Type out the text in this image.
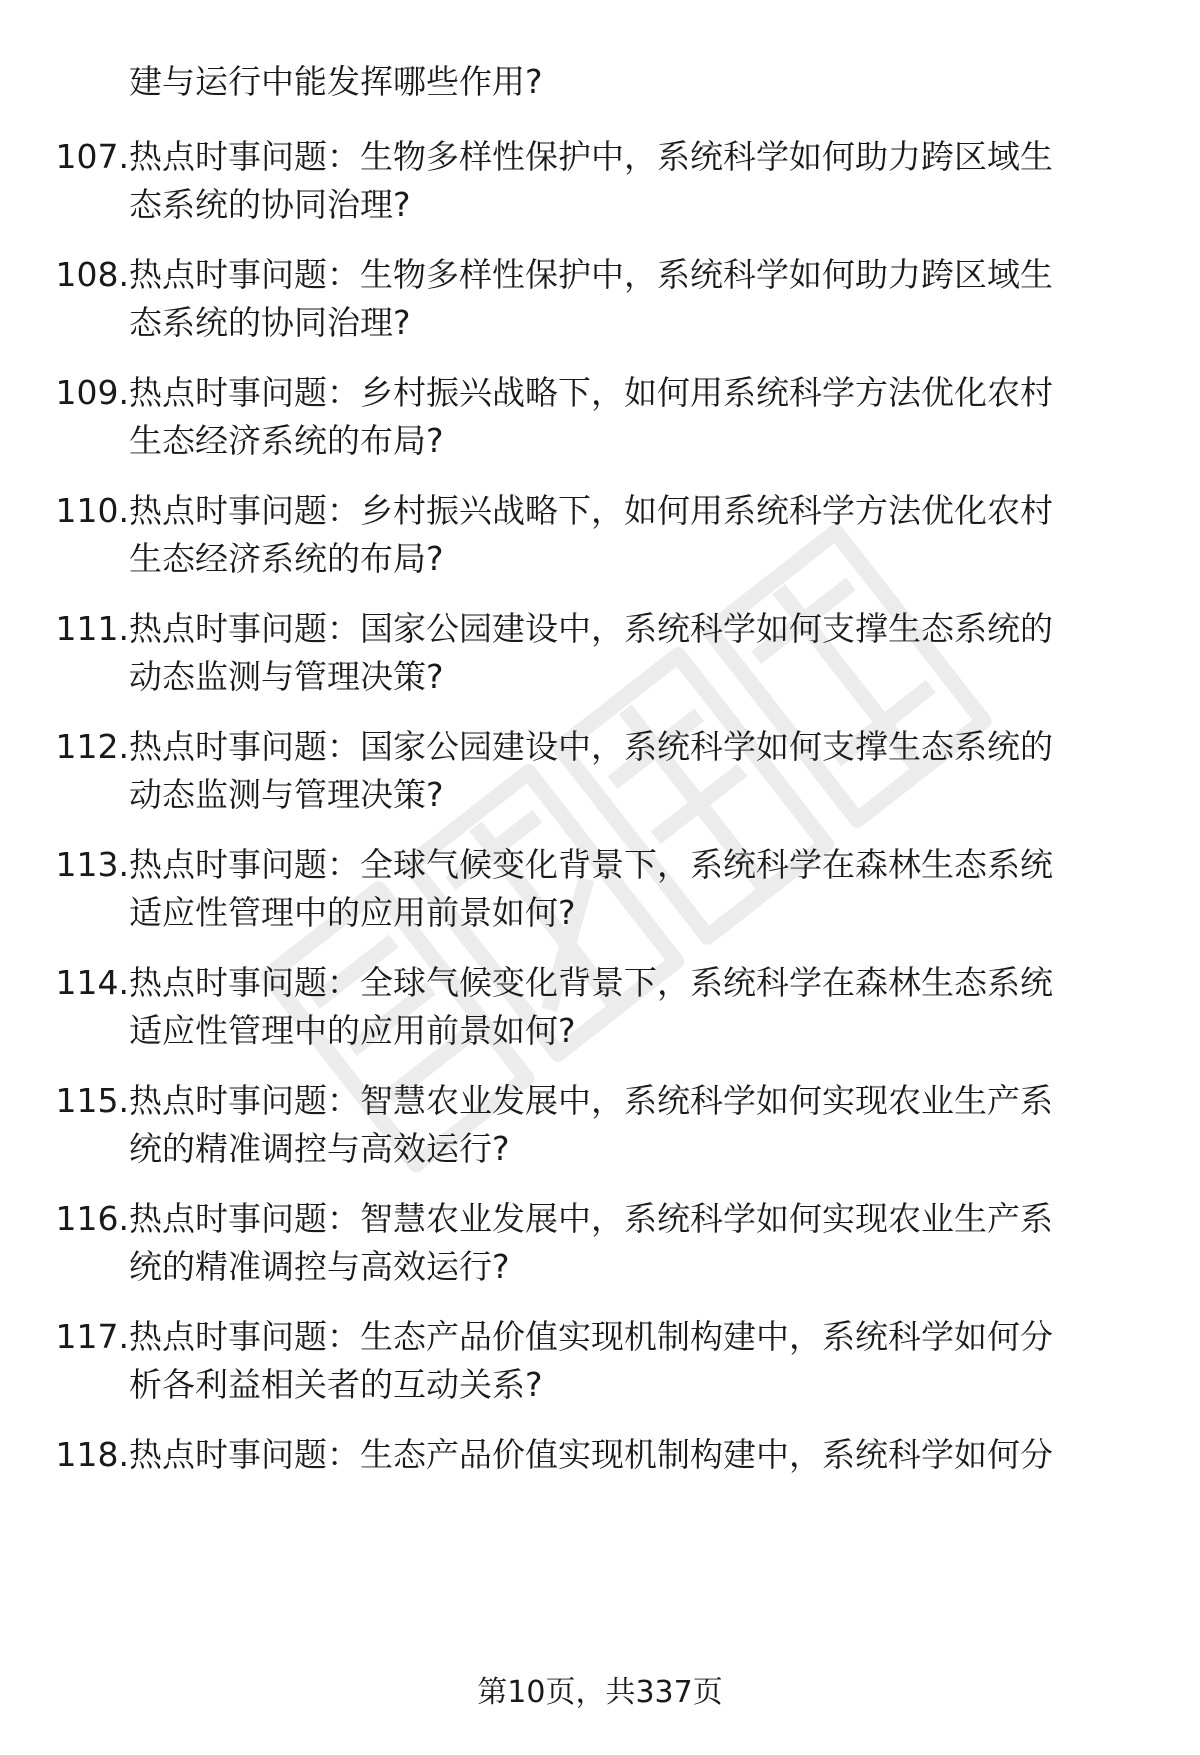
建与运行中能发挥哪些作用?
107. 热点时事问题：生物多样性保护中，系统科学如何助力跨区域生
态系统的协同治理?
108. 热点时事问题：生物多样性保护中，系统科学如何助力跨区域生
态系统的协同治理?
109. 热点时事问题：乡村振兴战略下，如何用系统科学方法优化农村
生态经济系统的布局?
110. 热点时事问题：乡村振兴战略下，如何用系统科学方法优化农村
生态经济系统的布局?
111. 热点时事问题：国家公园建设中，系统科学如何支撑生态系统的
动态监测与管理决策?
112. 热点时事问题：国家公园建设中，系统科学如何支撑生态系统的
动态监测与管理决策?
113. 热点时事问题：全球气候变化背景下，系统科学在森林生态系统
适应性管理中的应用前景如何?
114. 热点时事问题：全球气候变化背景下，系统科学在森林生态系统
适应性管理中的应用前景如何?
115. 热点时事问题：智慧农业发展中，系统科学如何实现农业生产系
统的精准调控与高效运行?
116. 热点时事问题：智慧农业发展中，系统科学如何实现农业生产系
统的精准调控与高效运行?
117. 热点时事问题：生态产品价值实现机制构建中，系统科学如何分
析各利益相关者的互动关系?
118. 热点时事问题：生态产品价值实现机制构建中，系统科学如何分
第10页，共337页
